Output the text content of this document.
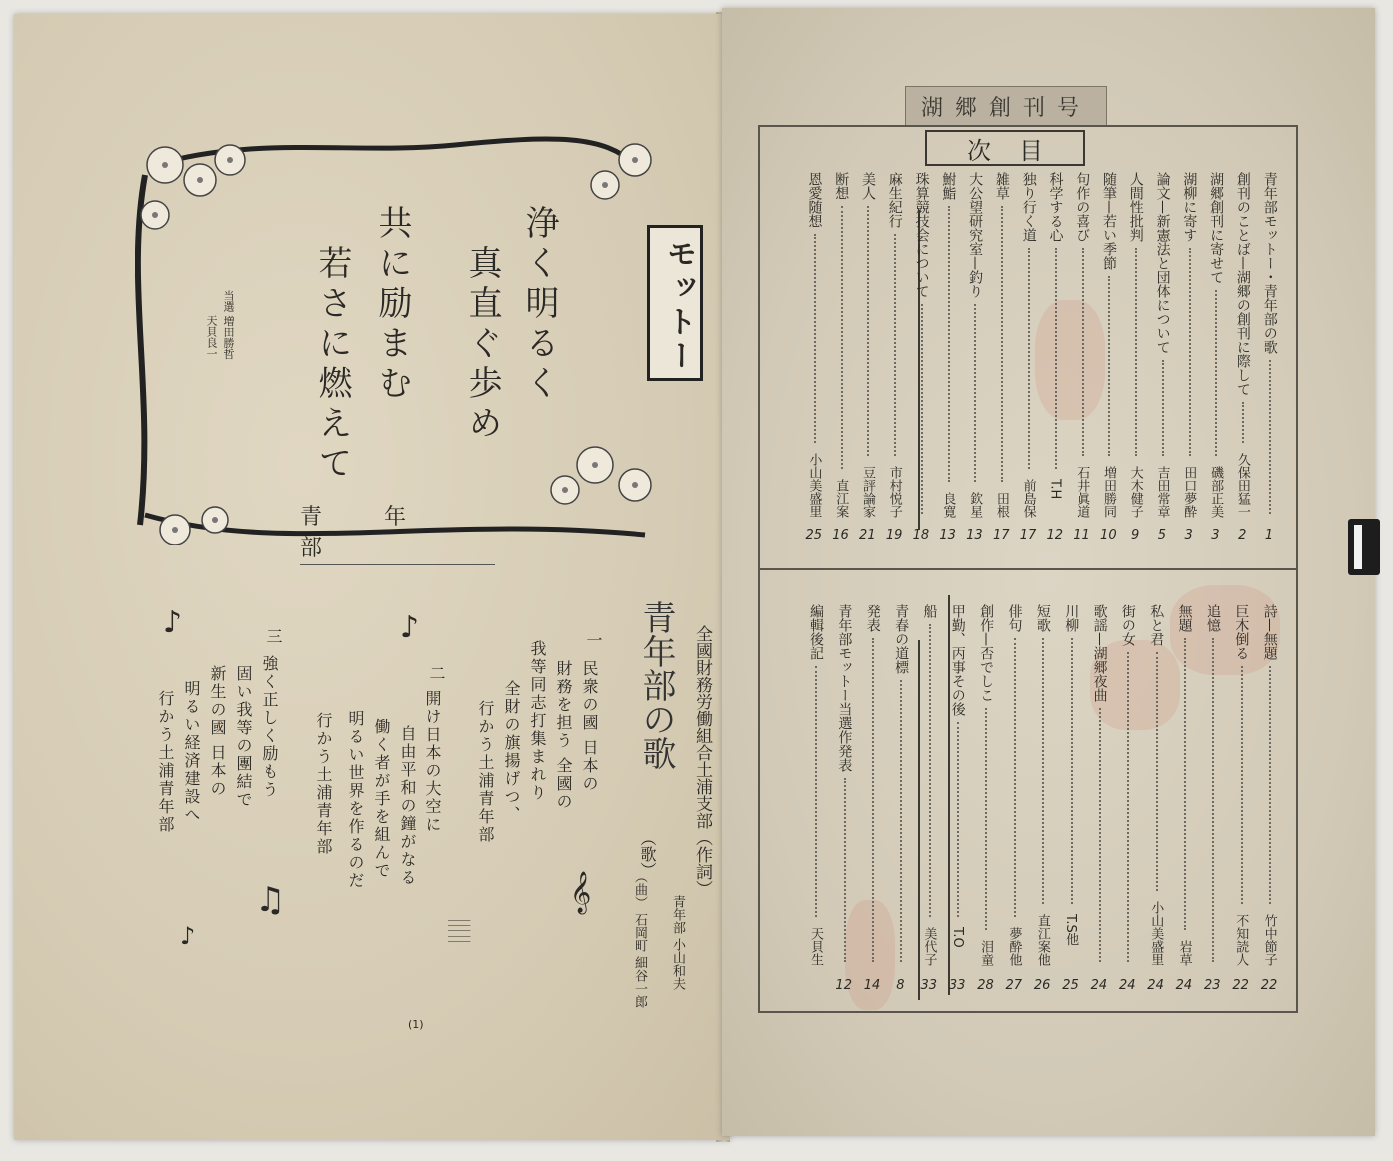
モットー
浄く明るく
真直ぐ歩め
共に励まむ
若さに燃えて
当選 増田勝哲
天貝良一
青年部
青年部の歌
（歌） 全國財務労働組合土浦支部（作詞）
青年部 小山和夫
（曲） 石岡町 細谷一郎
一
民衆の國 日本の
財務を担う 全國の
我等同志打集まれり
全財の旗揚げつ、
行かう土浦青年部
二
開け日本の大空に
自由平和の鐘がなる
働く者が手を組んで
明るい世界を作るのだ
行かう土浦青年部
三
強く正しく励もう
固い我等の團結で
新生の國 日本の
明るい経済建設へ
行かう土浦青年部
♪	♪
𝄞
♫
♪	𝄚
(1)
湖郷創刊号
次 目
青年部モットー・青年部の歌
1
創刊のことば—湖郷の創刊に際して
久保田猛一
2
湖郷創刊に寄せて
磯部正美
3
湖柳に寄す
田口夢酔
3
論文—新憲法と団体について
吉田常章
5
人間性批判
大木健子
9
随筆—若い季節
増田勝同
10
句作の喜び
石井眞道
11
科学する心
T.H
12
独り行く道
前島保
17
雑草
田根
17
大公望研究室—釣り
欽星
13
鮒鮨
良寛
13
珠算競技会について
18
麻生紀行
市村悦子
19
美人
豆評論家
21
断想
直江案
16
恩愛随想
小山美盛里
25
詩—無題
竹中節子
22
巨木倒る
不知読人
22
追憶
23
無題
岩草
24
私と君
小山美盛里
24
街の女
24
歌謡—湖郷夜曲
24
川柳
T.S他
25
短歌
直江案他
26
俳句
夢酔他
27
創作—否でしこ
泪童
28
甲勤、丙事その後
T.O
33
船
美代子
33
青春の道標
8
発表
14
青年部モットー当選作発表
12
編輯後記
天貝生
